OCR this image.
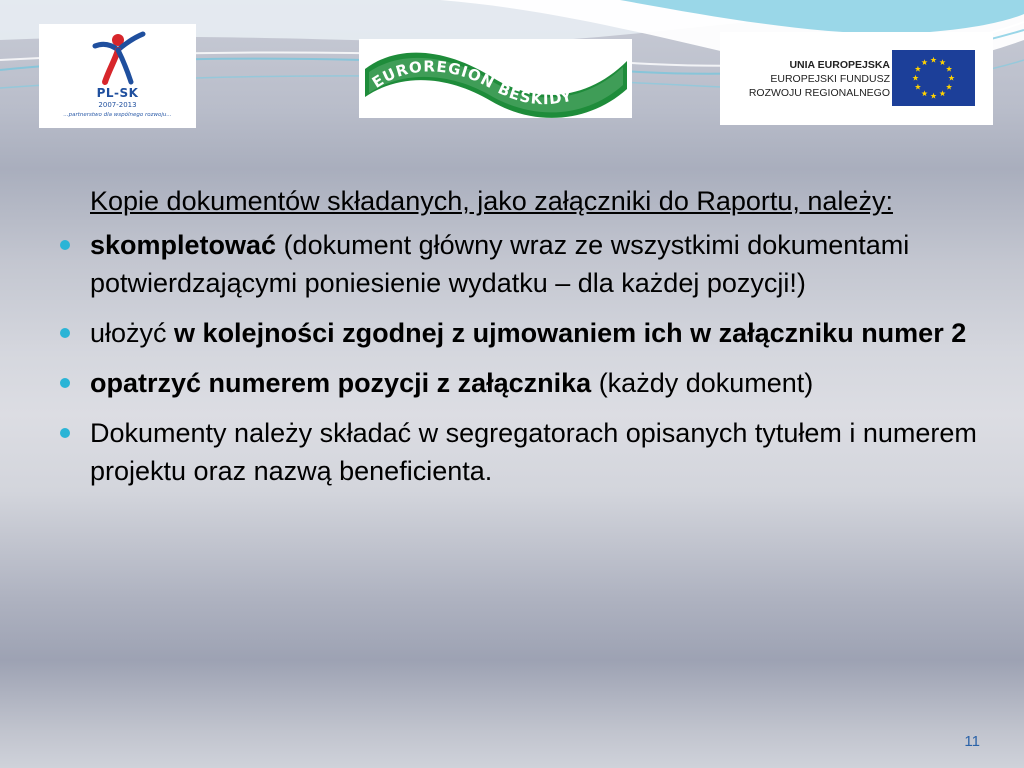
PL-SK
2007-2013
...partnerstwo dla wspólnego rozwoju...
EUROREGION BESKIDY
UNIA EUROPEJSKA
EUROPEJSKI FUNDUSZ
ROZWOJU REGIONALNEGO

Kopie dokumentów składanych, jako załączniki do Raportu, należy:

skompletować (dokument główny wraz ze wszystkimi dokumentami potwierdzającymi poniesienie wydatku – dla każdej pozycji!)
ułożyć w kolejności zgodnej z ujmowaniem ich w załączniku numer 2
opatrzyć numerem pozycji z załącznika (każdy dokument)
Dokumenty należy składać w segregatorach opisanych tytułem i numerem projektu oraz nazwą beneficienta.
11
